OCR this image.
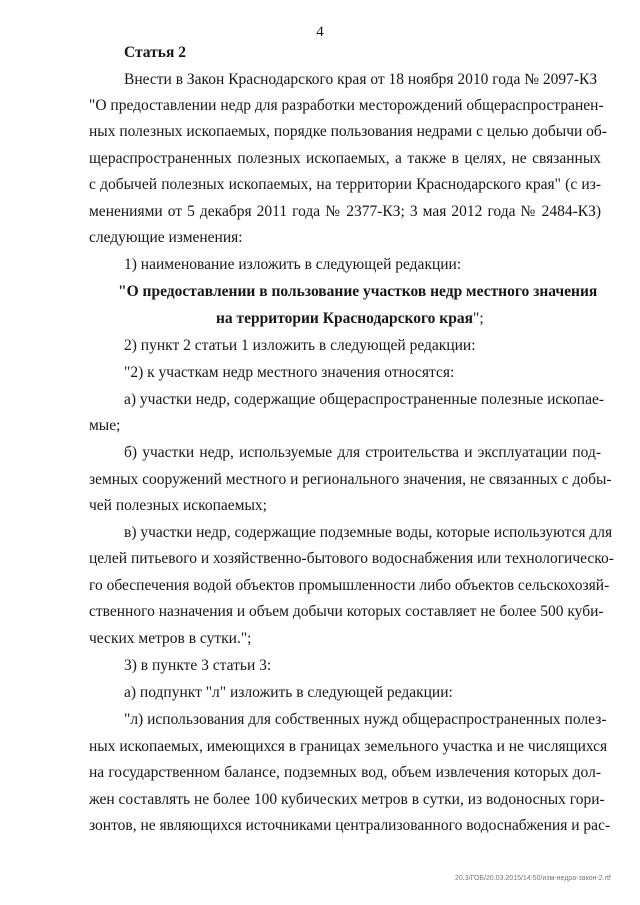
4
Статья 2
Внести в Закон Краснодарского края от 18 ноября 2010 года № 2097-КЗ
"О предоставлении недр для разработки месторождений общераспространен-
ных полезных ископаемых, порядке пользования недрами с целью добычи об-
щераспространенных полезных ископаемых, а также в целях, не связанных
с добычей полезных ископаемых, на территории Краснодарского края" (с из-
менениями от 5 декабря 2011 года № 2377-КЗ; 3 мая 2012 года № 2484-КЗ)
следующие изменения:
1) наименование изложить в следующей редакции:
"О предоставлении в пользование участков недр местного значения
на территории Краснодарского края";
2) пункт 2 статьи 1 изложить в следующей редакции:
"2) к участкам недр местного значения относятся:
а) участки недр, содержащие общераспространенные полезные ископае-
мые;
б) участки недр, используемые для строительства и эксплуатации под-
земных сооружений местного и регионального значения, не связанных с добы-
чей полезных ископаемых;
в) участки недр, содержащие подземные воды, которые используются для
целей питьевого и хозяйственно-бытового водоснабжения или технологическо-
го обеспечения водой объектов промышленности либо объектов сельскохозяй-
ственного назначения и объем добычи которых составляет не более 500 куби-
ческих метров в сутки.";
3) в пункте 3 статьи 3:
а) подпункт "л" изложить в следующей редакции:
"л) использования для собственных нужд общераспространенных полез-
ных ископаемых, имеющихся в границах земельного участка и не числящихся
на государственном балансе, подземных вод, объем извлечения которых дол-
жен составлять не более 100 кубических метров в сутки, из водоносных гори-
зонтов, не являющихся источниками централизованного водоснабжения и рас-
20.3/ГОБ/20.03.2015/14:50/изм-недра-закон-2.rtf
